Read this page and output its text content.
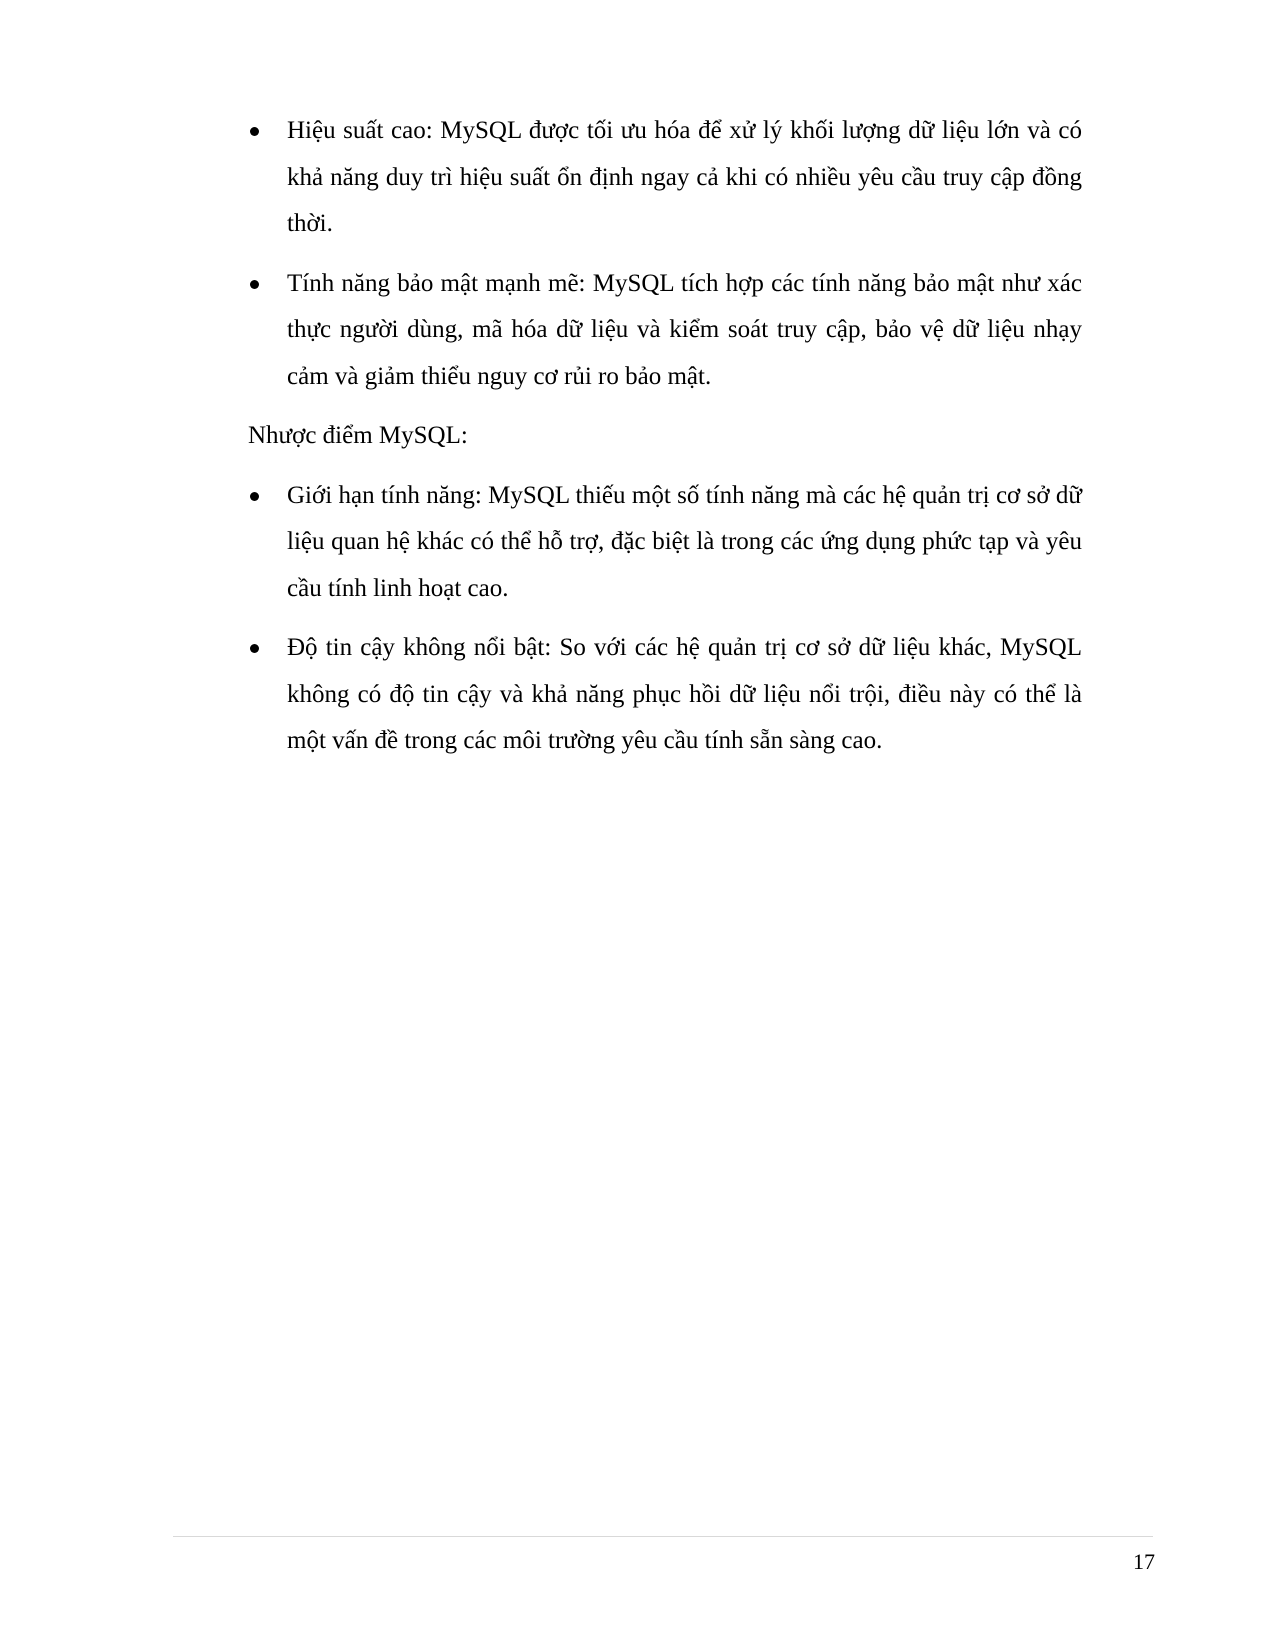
Hiệu suất cao: MySQL được tối ưu hóa để xử lý khối lượng dữ liệu lớn và có khả năng duy trì hiệu suất ổn định ngay cả khi có nhiều yêu cầu truy cập đồng thời.
Tính năng bảo mật mạnh mẽ: MySQL tích hợp các tính năng bảo mật như xác thực người dùng, mã hóa dữ liệu và kiểm soát truy cập, bảo vệ dữ liệu nhạy cảm và giảm thiểu nguy cơ rủi ro bảo mật.

Nhược điểm MySQL:

Giới hạn tính năng: MySQL thiếu một số tính năng mà các hệ quản trị cơ sở dữ liệu quan hệ khác có thể hỗ trợ, đặc biệt là trong các ứng dụng phức tạp và yêu cầu tính linh hoạt cao.
Độ tin cậy không nổi bật: So với các hệ quản trị cơ sở dữ liệu khác, MySQL không có độ tin cậy và khả năng phục hồi dữ liệu nổi trội, điều này có thể là một vấn đề trong các môi trường yêu cầu tính sẵn sàng cao.
17
